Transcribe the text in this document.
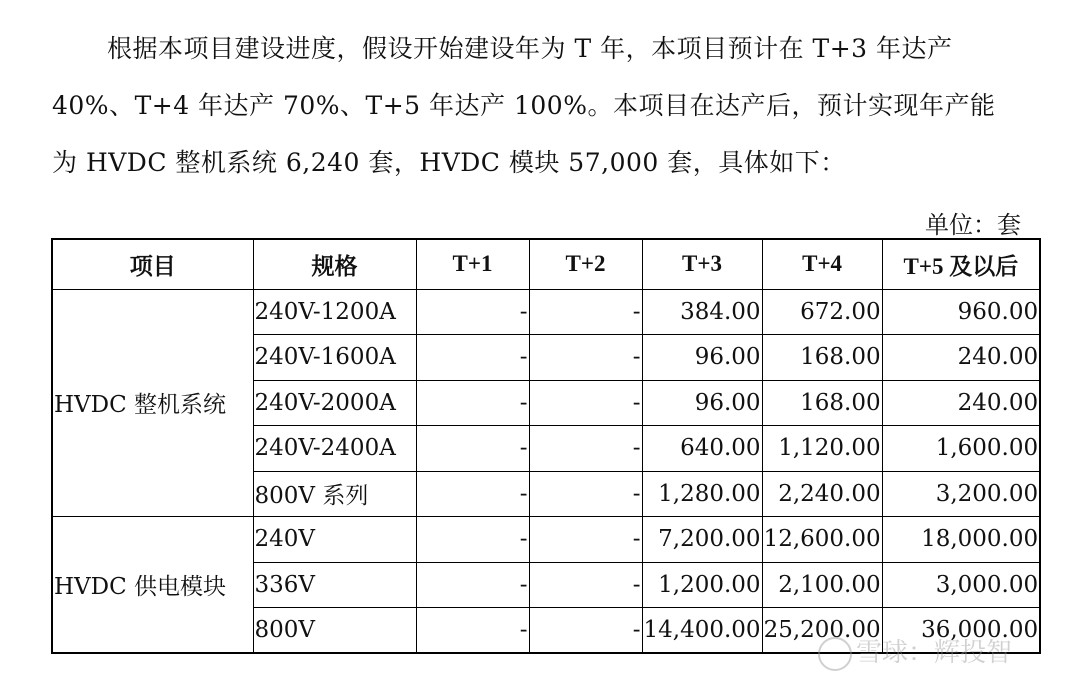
根据本项目建设进度，假设开始建设年为 T 年，本项目预计在 T+3 年达产
40%、T+4 年达产 70%、T+5 年达产 100%。本项目在达产后，预计实现年产能
为 HVDC 整机系统 6,240 套，HVDC 模块 57,000 套，具体如下：
单位：套
项目	规格	T+1	T+2	T+3	T+4	T+5 及以后
HVDC 整机系统	240V-1200A	-	-	384.00	672.00	960.00
	240V-1600A	-	-	96.00	168.00	240.00
	240V-2000A	-	-	96.00	168.00	240.00
	240V-2400A	-	-	640.00	1,120.00	1,600.00
	800V 系列	-	-	1,280.00	2,240.00	3,200.00
HVDC 供电模块	240V	-	-	7,200.00	12,600.00	18,000.00
	336V	-	-	1,200.00	2,100.00	3,000.00
	800V	-	-	14,400.00	25,200.00	36,000.00
雪球：辉投智
